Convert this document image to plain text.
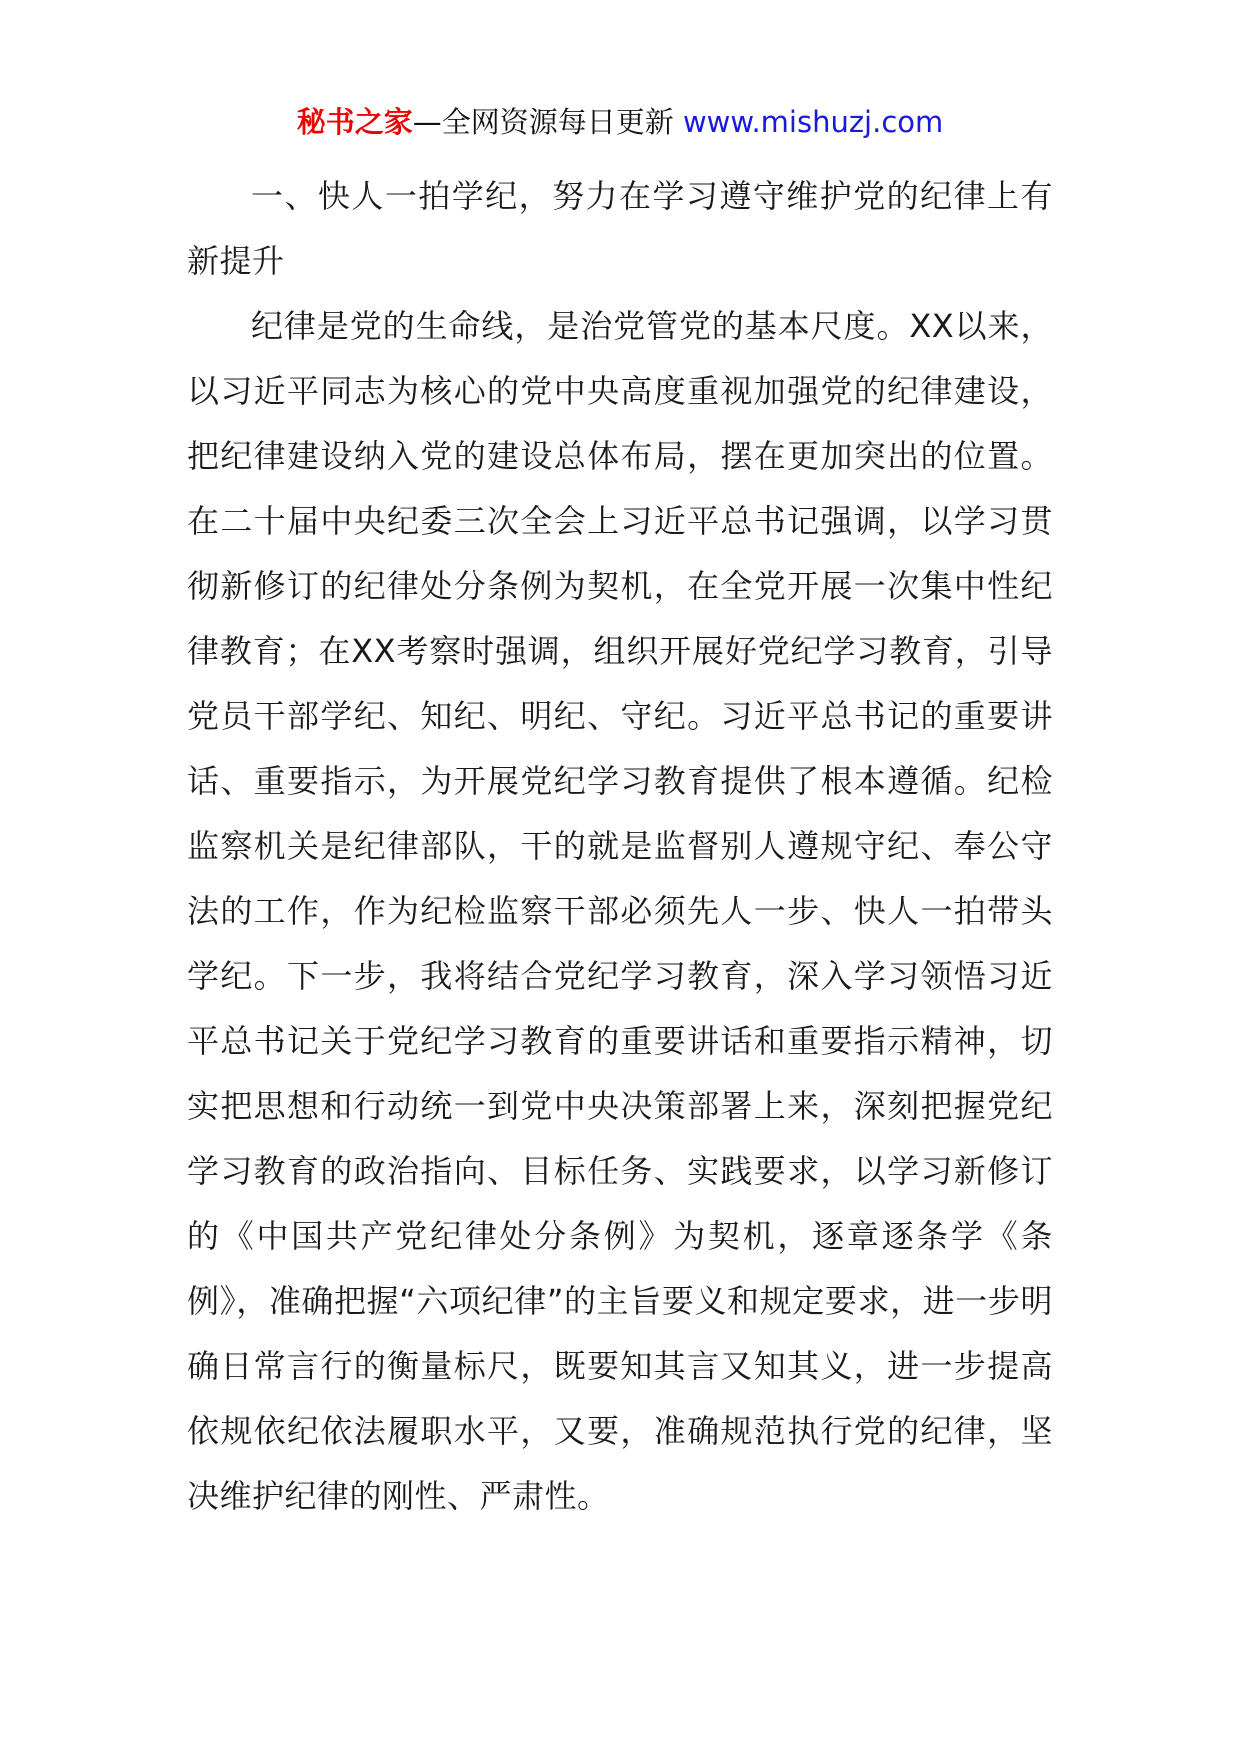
秘书之家—全网资源每日更新 www.mishuzj.com

一、快人一拍学纪，努力在学习遵守维护党的纪律上有新提升

纪律是党的生命线，是治党管党的基本尺度。XX以来，以习近平同志为核心的党中央高度重视加强党的纪律建设，把纪律建设纳入党的建设总体布局，摆在更加突出的位置。在二十届中央纪委三次全会上习近平总书记强调，以学习贯彻新修订的纪律处分条例为契机，在全党开展一次集中性纪律教育；在XX考察时强调，组织开展好党纪学习教育，引导党员干部学纪、知纪、明纪、守纪。习近平总书记的重要讲话、重要指示，为开展党纪学习教育提供了根本遵循。纪检监察机关是纪律部队，干的就是监督别人遵规守纪、奉公守法的工作，作为纪检监察干部必须先人一步、快人一拍带头学纪。下一步，我将结合党纪学习教育，深入学习领悟习近平总书记关于党纪学习教育的重要讲话和重要指示精神，切实把思想和行动统一到党中央决策部署上来，深刻把握党纪学习教育的政治指向、目标任务、实践要求，以学习新修订的《中国共产党纪律处分条例》为契机，逐章逐条学《条例》，准确把握“六项纪律”的主旨要义和规定要求，进一步明确日常言行的衡量标尺，既要知其言又知其义，进一步提高依规依纪依法履职水平，又要，准确规范执行党的纪律，坚决维护纪律的刚性、严肃性。
